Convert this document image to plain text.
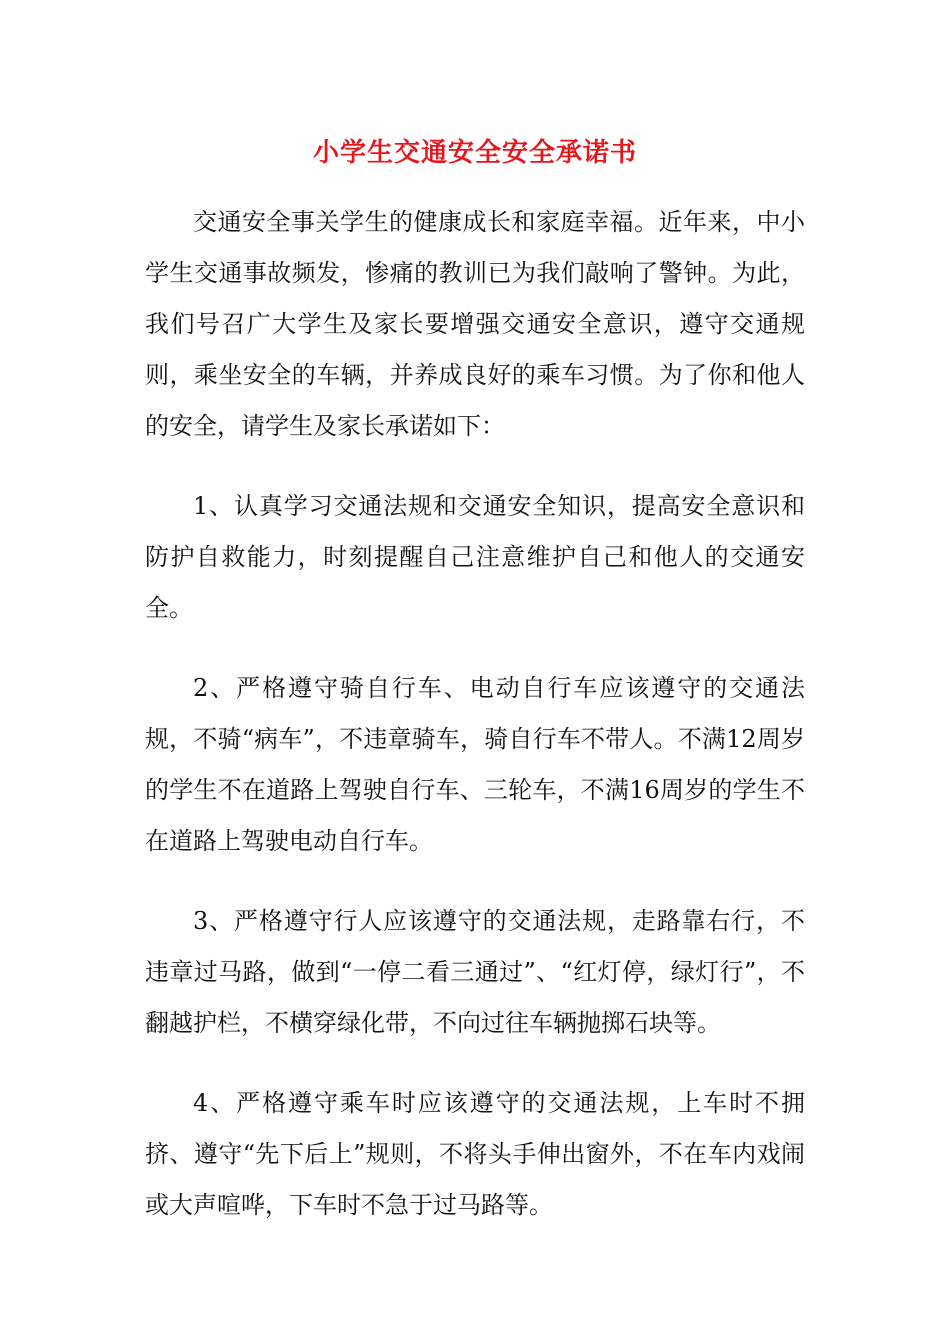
小学生交通安全安全承诺书

交通安全事关学生的健康成长和家庭幸福。近年来，中小学生交通事故频发，惨痛的教训已为我们敲响了警钟。为此，我们号召广大学生及家长要增强交通安全意识，遵守交通规则，乘坐安全的车辆，并养成良好的乘车习惯。为了你和他人的安全，请学生及家长承诺如下：

1、认真学习交通法规和交通安全知识，提高安全意识和防护自救能力，时刻提醒自己注意维护自己和他人的交通安全。

2、严格遵守骑自行车、电动自行车应该遵守的交通法规，不骑“病车”，不违章骑车，骑自行车不带人。不满12周岁的学生不在道路上驾驶自行车、三轮车，不满16周岁的学生不在道路上驾驶电动自行车。

3、严格遵守行人应该遵守的交通法规，走路靠右行，不违章过马路，做到“一停二看三通过”、“红灯停，绿灯行”，不翻越护栏，不横穿绿化带，不向过往车辆抛掷石块等。

4、严格遵守乘车时应该遵守的交通法规，上车时不拥挤、遵守“先下后上”规则，不将头手伸出窗外，不在车内戏闹或大声喧哗，下车时不急于过马路等。
